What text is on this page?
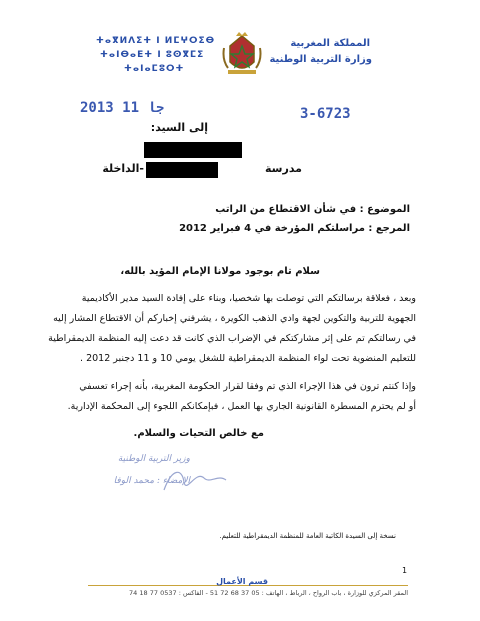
ⵜⴰⴳⵍⴷⵉⵜ ⵏ ⵍⵎⵖⵔⵉⴱ
ⵜⴰⵏⴱⴰⴹⵜ ⵏ ⵓⵙⴳⵎⵉ
ⵜⴰⵏⴰⵎⵓⵔⵜ
المملكة المغربية
وزارة التربية الوطنية
2013 جا 11	3-6723
إلى السيد:
مدرسة
-الداخلة
الموضوع : في شأن الاقتطاع من الراتب
المرجع : مراسلتكم المؤرخة في 4 فبراير 2012
سلام تام بوجود مولانا الإمام المؤيد بالله،
وبعد ، فعلاقة برسالتكم التي توصلت بها شخصيا، وبناء على إفادة السيد مدير الأكاديمية
الجهوية للتربية والتكوين لجهة وادي الذهب الكويرة ، يشرفني إخباركم أن الاقتطاع المشار إليه
في رسالتكم تم على إثر مشاركتكم في الإضراب الذي كانت قد دعت إليه المنظمة الديمقراطية
للتعليم المنضوية تحت لواء المنظمة الديمقراطية للشغل يومي 10 و 11 دجنبر 2012 .
وإذا كنتم ترون في هذا الإجراء الذي تم وفقا لقرار الحكومة المغربية، بأنه إجراء تعسفي
أو لم يحترم المسطرة القانونية الجاري بها العمل ، فبإمكانكم اللجوء إلى المحكمة الإدارية.
مع خالص التحيات والسلام.
وزير التربية الوطنية
الإمضاء : محمد الوفا
نسخة إلى السيدة الكاتبة العامة للمنظمة الديمقراطية للتعليم.
1
قسم الأعمال
المقر المركزي للوزارة ، باب الرواح ، الرباط ، الهاتف : 05 37 68 72 51 - الفاكس : 0537 77 18 74
